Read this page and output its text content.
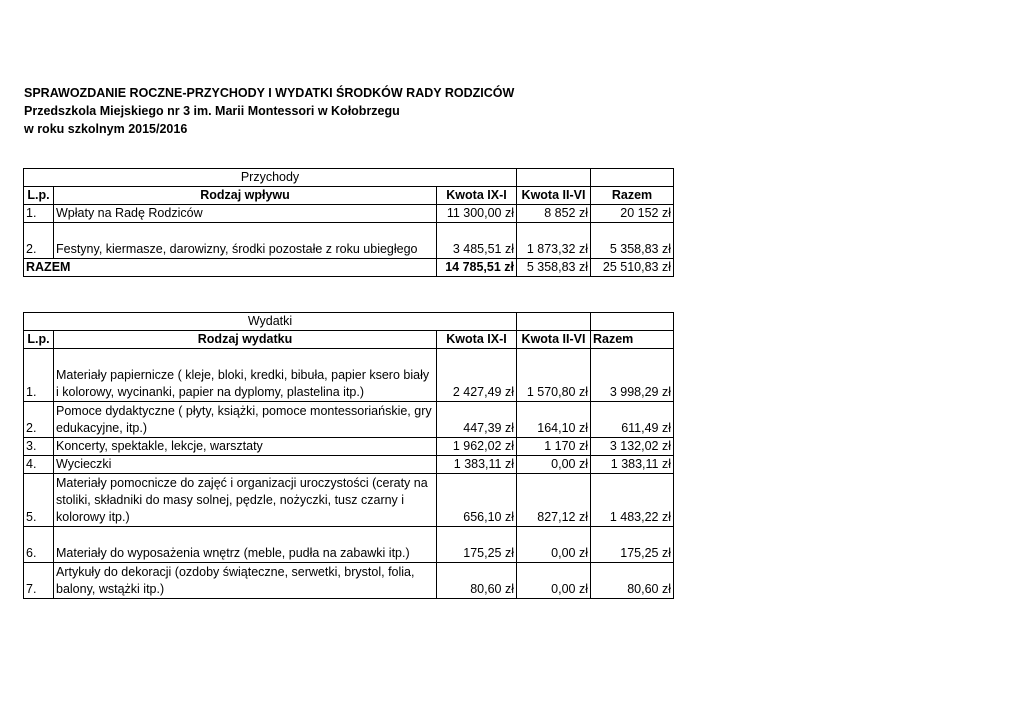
SPRAWOZDANIE ROCZNE-PRZYCHODY I WYDATKI ŚRODKÓW RADY RODZICÓW
Przedszkola Miejskiego nr 3 im. Marii Montessori w Kołobrzegu
w roku szkolnym 2015/2016
Przychody				
L.p.	Rodzaj wpływu	Kwota IX-I	Kwota II-VI	Razem
1.	Wpłaty na Radę Rodziców	11 300,00 zł	8 852 zł	20 152 zł
2.	Festyny, kiermasze, darowizny, środki pozostałe z roku ubiegłego	3 485,51 zł	1 873,32 zł	5 358,83 zł
RAZEM		14 785,51 zł	5 358,83 zł	25 510,83 zł
Wydatki				
L.p.	Rodzaj wydatku	Kwota IX-I	Kwota II-VI	Razem
1.	Materiały papiernicze ( kleje, bloki, kredki, bibuła, papier ksero biały i kolorowy, wycinanki, papier na dyplomy, plastelina itp.)	2 427,49 zł	1 570,80 zł	3 998,29 zł
2.	Pomoce dydaktyczne ( płyty, książki, pomoce montessoriańskie, gry edukacyjne, itp.)	447,39 zł	164,10 zł	611,49 zł
3.	Koncerty, spektakle, lekcje, warsztaty	1 962,02 zł	1 170 zł	3 132,02 zł
4.	Wycieczki	1 383,11 zł	0,00 zł	1 383,11 zł
5.	Materiały pomocnicze do zajęć i organizacji uroczystości (ceraty na stoliki, składniki do masy solnej, pędzle, nożyczki, tusz czarny i kolorowy itp.)	656,10 zł	827,12 zł	1 483,22 zł
6.	Materiały do wyposażenia wnętrz (meble, pudła na zabawki itp.)	175,25 zł	0,00 zł	175,25 zł
7.	Artykuły do dekoracji (ozdoby świąteczne, serwetki, brystol, folia, balony, wstążki itp.)	80,60 zł	0,00 zł	80,60 zł
